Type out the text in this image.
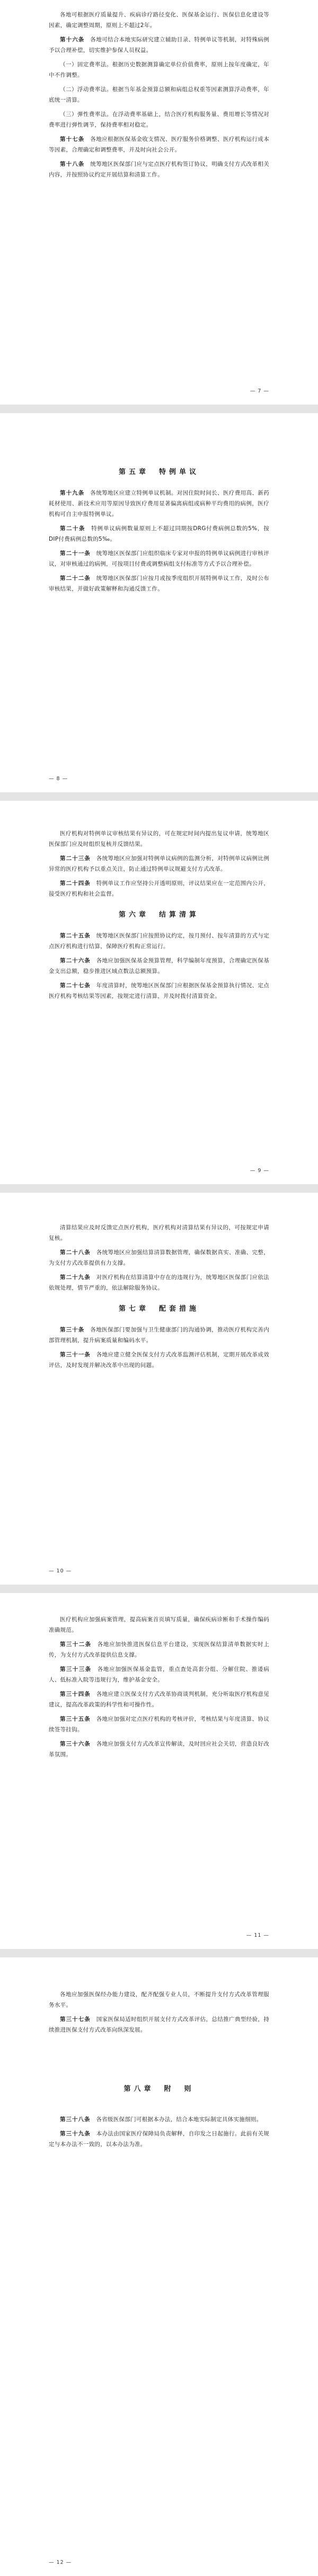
各地可根据医疗质量提升、疾病诊疗路径变化、医保基金运行、医保信息化建设等因素，确定调整周期，原则上不超过2年。

第十六条　 各地可结合本地实际研究建立辅助目录、特例单议等机制，对特殊病例予以合理补偿，切实维护参保人员权益。

（一）固定费率法。根据历史数据测算确定单位价值费率，原则上按年度确定，年中不作调整。

（二）浮动费率法。根据当年基金预算总额和病组总权重等因素测算浮动费率，年底统一清算。

（三）弹性费率法。在浮动费率基础上，结合医疗机构服务量、费用增长等情况对费率进行弹性调节，保持费率相对稳定。

第十七条　 各地应根据医保基金收支情况、医疗服务价格调整、医疗机构运行成本等因素，合理确定和调整费率，并及时向社会公开。

第十八条　 统筹地区医保部门应与定点医疗机构签订协议，明确支付方式改革相关内容，并按照协议约定开展结算和清算工作。

— 7 —
第五章　特例单议

第十九条　 各统筹地区应建立特例单议机制。对因住院时间长、医疗费用高、新药耗材使用、新技术应用等原因导致医疗费用显著偏离病组或病种平均费用的病例，医疗机构可自主申报特例单议。

第二十条　 特例单议病例数量原则上不超过同期按DRG付费病例总数的5%，按DIP付费病例总数的5‰。

第二十一条　 统筹地区医保部门应组织临床专家对申报的特例单议病例进行审核评议，对审核通过的病例，可按项目付费或调整病组支付标准等方式予以合理补偿。

第二十二条　 统筹地区医保部门应按月或按季度组织开展特例单议工作，及时公布审核结果，并做好政策解释和沟通反馈工作。

— 8 —

医疗机构对特例单议审核结果有异议的，可在规定时间内提出复议申请，统筹地区医保部门应及时组织复核并反馈结果。

第二十三条　 各统筹地区应加强对特例单议病例的监测分析，对特例单议病例比例异常的医疗机构予以重点关注，防止通过特例单议规避支付方式改革。

第二十四条　 特例单议工作应坚持公开透明原则，评议结果应在一定范围内公开，接受医疗机构和社会监督。

第六章　结算清算

第二十五条　 统筹地区医保部门应按照协议约定，按月预付、按年清算的方式与定点医疗机构进行结算，保障医疗机构正常运行。

第二十六条　 各地应加强医保基金预算管理，科学编制年度预算，合理确定医保基金支出总额，稳步推进区域点数法总额预算。

第二十七条　 年度清算时，统筹地区医保部门应根据医保基金预算执行情况、定点医疗机构考核结果等因素，按规定进行清算，并及时拨付清算资金。

— 9 —

清算结果应及时反馈定点医疗机构，医疗机构对清算结果有异议的，可按规定申请复核。

第二十八条　 各统筹地区应加强结算清算数据管理，确保数据真实、准确、完整，为支付方式改革提供有力支撑。

第二十九条　 对医疗机构在结算清算中存在的违规行为，统筹地区医保部门应依法依规处理，情节严重的，依法解除服务协议。

第七章　配套措施

第三十条　 各地医保部门要加强与卫生健康部门的沟通协调，推动医疗机构完善内部管理机制，提升病案质量和编码水平。

第三十一条　 各地应建立健全医保支付方式改革监测评估机制，定期开展改革成效评估，及时发现并解决改革中出现的问题。

— 10 —

医疗机构应加强病案管理，提高病案首页填写质量，确保疾病诊断和手术操作编码准确规范。

第三十二条　 各地应加快推进医保信息平台建设，实现医保结算清单数据实时上传，为支付方式改革提供信息支撑。

第三十三条　 各地应加强医保基金监管，重点查处高套分组、分解住院、推诿病人、低标准入院等违规行为，维护基金安全。

第三十四条　 各地应建立医保支付方式改革协商谈判机制，充分听取医疗机构意见建议，提高改革政策的科学性和可操作性。

第三十五条　 各地应加强对定点医疗机构的考核评价，考核结果与年度清算、协议续签等挂钩。

第三十六条　 各地应加强支付方式改革宣传解读，及时回应社会关切，营造良好改革氛围。

— 11 —

各地应加强医保经办能力建设，配齐配强专业人员，不断提升支付方式改革管理服务水平。

第三十七条　 国家医保局适时组织开展支付方式改革评估，总结推广典型经验，持续推进医保支付方式改革向纵深发展。

第八章　附　则

第三十八条　 各省级医保部门可根据本办法，结合本地实际制定具体实施细则。

第三十九条　 本办法由国家医疗保障局负责解释，自印发之日起施行。此前有关规定与本办法不一致的，以本办法为准。

— 12 —
